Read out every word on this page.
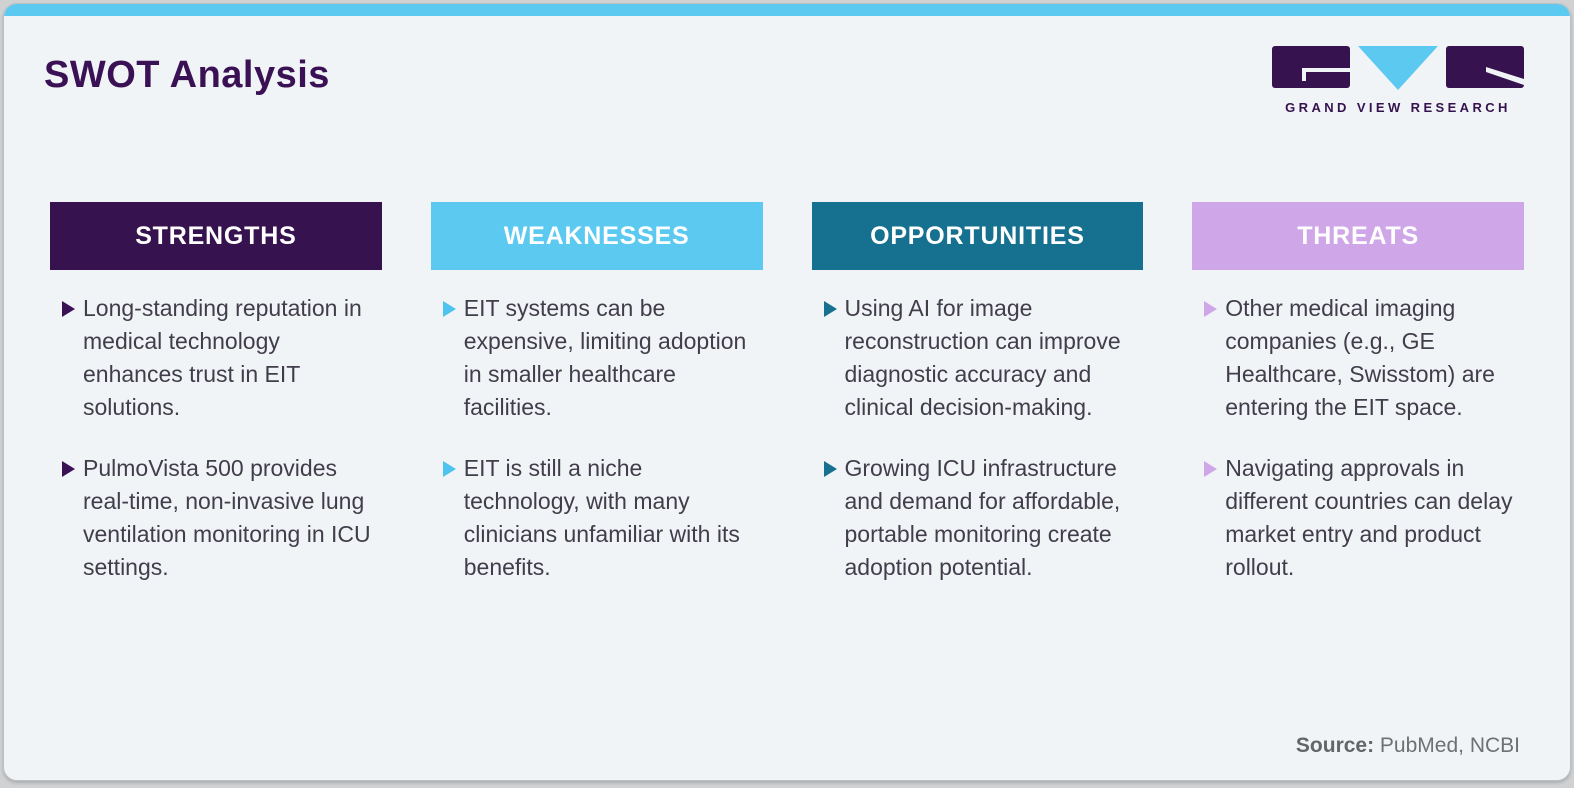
SWOT Analysis
GRAND VIEW RESEARCH
STRENGTHS
Long-standing reputation in medical technology enhances trust in EIT solutions.
PulmoVista 500 provides real-time, non-invasive lung ventilation monitoring in ICU settings.
WEAKNESSES
EIT systems can be expensive, limiting adoption in smaller healthcare facilities.
EIT is still a niche technology, with many clinicians unfamiliar with its benefits.
OPPORTUNITIES
Using AI for image reconstruction can improve diagnostic accuracy and clinical decision-making.
Growing ICU infrastructure and demand for affordable, portable monitoring create adoption potential.
THREATS
Other medical imaging companies (e.g., GE Healthcare, Swisstom) are entering the EIT space.
Navigating approvals in different countries can delay market entry and product rollout.
Source: PubMed, NCBI
